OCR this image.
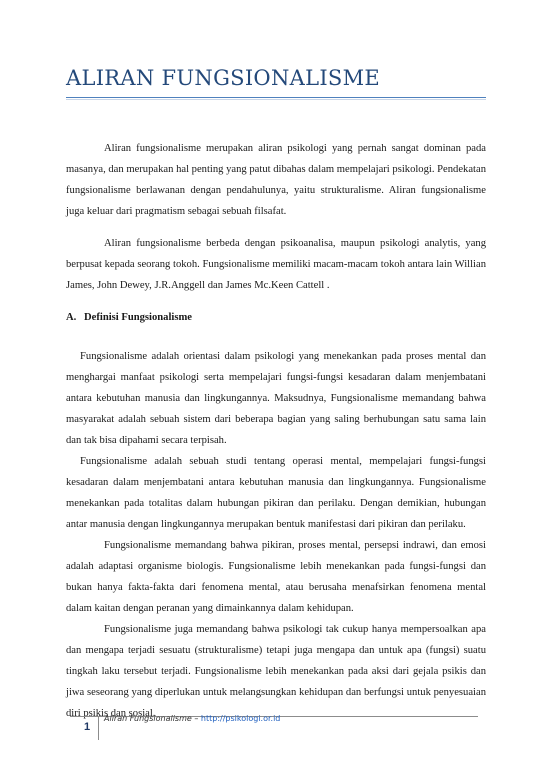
ALIRAN FUNGSIONALISME

Aliran fungsionalisme merupakan aliran psikologi yang pernah sangat dominan pada masanya, dan merupakan hal penting yang patut dibahas dalam mempelajari psikologi. Pendekatan fungsionalisme berlawanan dengan pendahulunya, yaitu strukturalisme. Aliran fungsionalisme juga keluar dari pragmatism sebagai sebuah filsafat.

Aliran fungsionalisme berbeda dengan psikoanalisa, maupun psikologi analytis, yang berpusat kepada seorang tokoh. Fungsionalisme memiliki macam-macam tokoh antara lain Willian James, John Dewey, J.R.Anggell dan James Mc.Keen Cattell .

A. Definisi Fungsionalisme

Fungsionalisme adalah orientasi dalam psikologi yang menekankan pada proses mental dan menghargai manfaat psikologi serta mempelajari fungsi-fungsi kesadaran dalam menjembatani antara kebutuhan manusia dan lingkungannya. Maksudnya, Fungsionalisme memandang bahwa masyarakat adalah sebuah sistem dari beberapa bagian yang saling berhubungan satu sama lain dan tak bisa dipahami secara terpisah.

Fungsionalisme adalah sebuah studi tentang operasi mental, mempelajari fungsi-fungsi kesadaran dalam menjembatani antara kebutuhan manusia dan lingkungannya. Fungsionalisme menekankan pada totalitas dalam hubungan pikiran dan perilaku. Dengan demikian, hubungan antar manusia dengan lingkungannya merupakan bentuk manifestasi dari pikiran dan perilaku.

Fungsionalisme memandang bahwa pikiran, proses mental, persepsi indrawi, dan emosi adalah adaptasi organisme biologis. Fungsionalisme lebih menekankan pada fungsi-fungsi dan bukan hanya fakta-fakta dari fenomena mental, atau berusaha menafsirkan fenomena mental dalam kaitan dengan peranan yang dimainkannya dalam kehidupan.

Fungsionalisme juga memandang bahwa psikologi tak cukup hanya mempersoalkan apa dan mengapa terjadi sesuatu (strukturalisme) tetapi juga mengapa dan untuk apa (fungsi) suatu tingkah laku tersebut terjadi. Fungsionalisme lebih menekankan pada aksi dari gejala psikis dan jiwa seseorang yang diperlukan untuk melangsungkan kehidupan dan berfungsi untuk penyesuaian diri psikis dan sosial.

1
Aliran Fungsionalisme – http://psikologi.or.id
